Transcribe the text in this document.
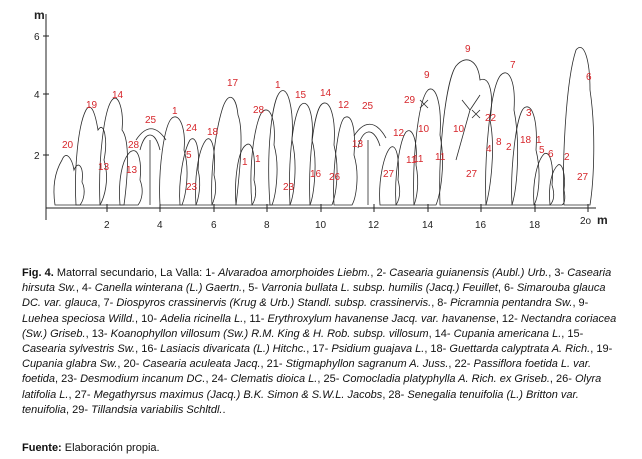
m
6
4
2
2	4	6	8	10	12	14	16	18	2o m
20
19
14
13
28
13
25
1
24
5
23
18
17
1 1
28
1
23
15
16
14
26
12 25
13
29
12
27
11
10
11
9
9
10
22
4
27
7
3
5
6
2
6
27
8	1
18
2
11
Fig. 4. Matorral secundario, La Valla: 1- Alvaradoa amorphoides Liebm., 2- Casearia guianensis (Aubl.) Urb., 3- Casearia hirsuta Sw., 4- Canella winterana (L.) Gaertn., 5- Varronia bullata L. subsp. humilis (Jacq.) Feuillet, 6- Simarouba glauca DC. var. glauca, 7- Diospyros crassinervis (Krug & Urb.) Standl. subsp. crassinervis., 8- Picramnia pentandra Sw., 9- Luehea speciosa Willd., 10- Adelia ricinella L., 11- Erythroxylum havanense Jacq. var. havanense, 12- Nectandra coriacea (Sw.) Griseb., 13- Koanophyllon villosum (Sw.) R.M. King & H. Rob. subsp. villosum, 14- Cupania americana L., 15- Casearia sylvestris Sw., 16- Lasiacis divaricata (L.) Hitchc., 17- Psidium guajava L., 18- Guettarda calyptrata A. Rich., 19- Cupania glabra Sw., 20- Casearia aculeata Jacq., 21- Stigmaphyllon sagranum A. Juss., 22- Passiflora foetida L. var. foetida, 23- Desmodium incanum DC., 24- Clematis dioica L., 25- Comocladia platyphylla A. Rich. ex Griseb., 26- Olyra latifolia L., 27- Megathyrsus maximus (Jacq.) B.K. Simon & S.W.L. Jacobs, 28- Senegalia tenuifolia (L.) Britton var. tenuifolia, 29- Tillandsia variabilis Schltdl..
Fuente: Elaboración propia.
